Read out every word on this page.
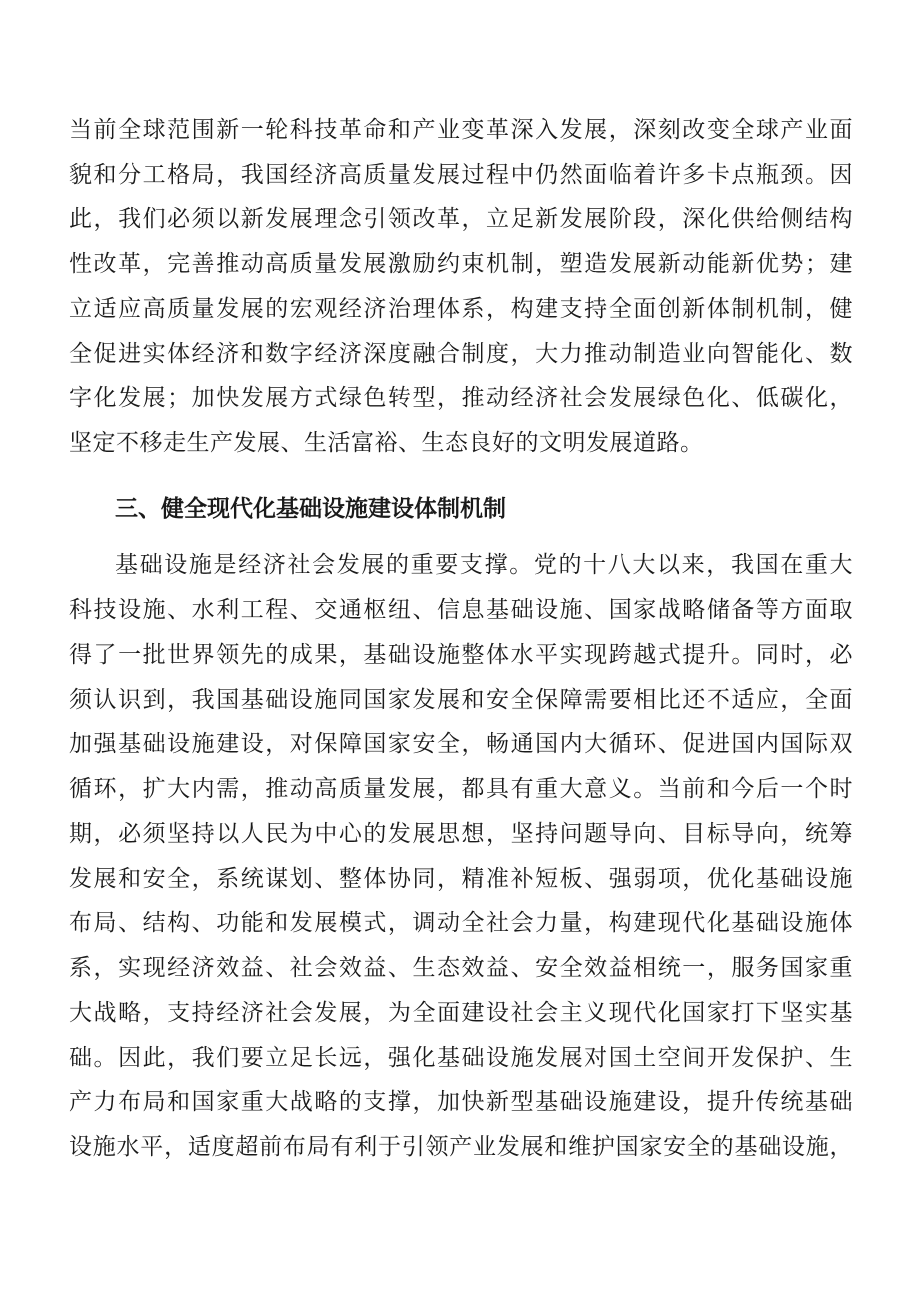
当前全球范围新一轮科技革命和产业变革深入发展，深刻改变全球产业面
貌和分工格局，我国经济高质量发展过程中仍然面临着许多卡点瓶颈。因
此，我们必须以新发展理念引领改革，立足新发展阶段，深化供给侧结构
性改革，完善推动高质量发展激励约束机制，塑造发展新动能新优势；建
立适应高质量发展的宏观经济治理体系，构建支持全面创新体制机制，健
全促进实体经济和数字经济深度融合制度，大力推动制造业向智能化、数
字化发展；加快发展方式绿色转型，推动经济社会发展绿色化、低碳化，
坚定不移走生产发展、生活富裕、生态良好的文明发展道路。
三、健全现代化基础设施建设体制机制
基础设施是经济社会发展的重要支撑。党的十八大以来，我国在重大
科技设施、水利工程、交通枢纽、信息基础设施、国家战略储备等方面取
得了一批世界领先的成果，基础设施整体水平实现跨越式提升。同时，必
须认识到，我国基础设施同国家发展和安全保障需要相比还不适应，全面
加强基础设施建设，对保障国家安全，畅通国内大循环、促进国内国际双
循环，扩大内需，推动高质量发展，都具有重大意义。当前和今后一个时
期，必须坚持以人民为中心的发展思想，坚持问题导向、目标导向，统筹
发展和安全，系统谋划、整体协同，精准补短板、强弱项，优化基础设施
布局、结构、功能和发展模式，调动全社会力量，构建现代化基础设施体
系，实现经济效益、社会效益、生态效益、安全效益相统一，服务国家重
大战略，支持经济社会发展，为全面建设社会主义现代化国家打下坚实基
础。因此，我们要立足长远，强化基础设施发展对国土空间开发保护、生
产力布局和国家重大战略的支撑，加快新型基础设施建设，提升传统基础
设施水平，适度超前布局有利于引领产业发展和维护国家安全的基础设施，
